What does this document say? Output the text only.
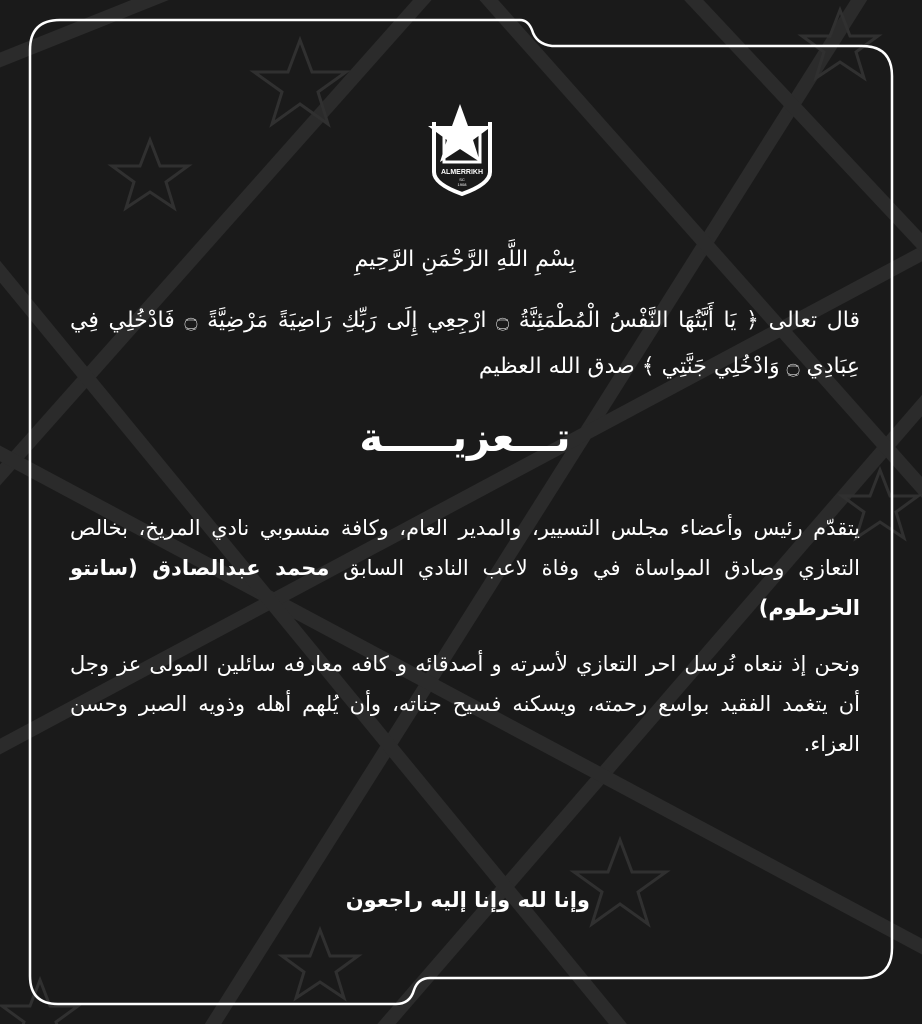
ALMERRIKH
SC
1908
بِسْمِ اللَّهِ الرَّحْمَنِ الرَّحِيمِ
قال تعالى ﴿ يَا أَيَّتُهَا النَّفْسُ الْمُطْمَئِنَّةُ ۝ ارْجِعِي إِلَى رَبِّكِ رَاضِيَةً مَرْضِيَّةً ۝ فَادْخُلِي فِي عِبَادِي ۝ وَادْخُلِي جَنَّتِي ﴾ صدق الله العظيم
تـــعزيـــــة
يتقدّم رئيس وأعضاء مجلس التسيير، والمدير العام، وكافة منسوبي نادي المريخ، بخالص التعازي وصادق المواساة في وفاة لاعب النادي السابق محمد عبدالصادق (سانتو الخرطوم)
ونحن إذ ننعاه نُرسل احر التعازي لأسرته و أصدقائه و كافه معارفه سائلين المولى عز وجل أن يتغمد الفقيد بواسع رحمته، ويسكنه فسيح جناته، وأن يُلهم أهله وذويه الصبر وحسن العزاء.
وإنا لله وإنا إليه راجعون
